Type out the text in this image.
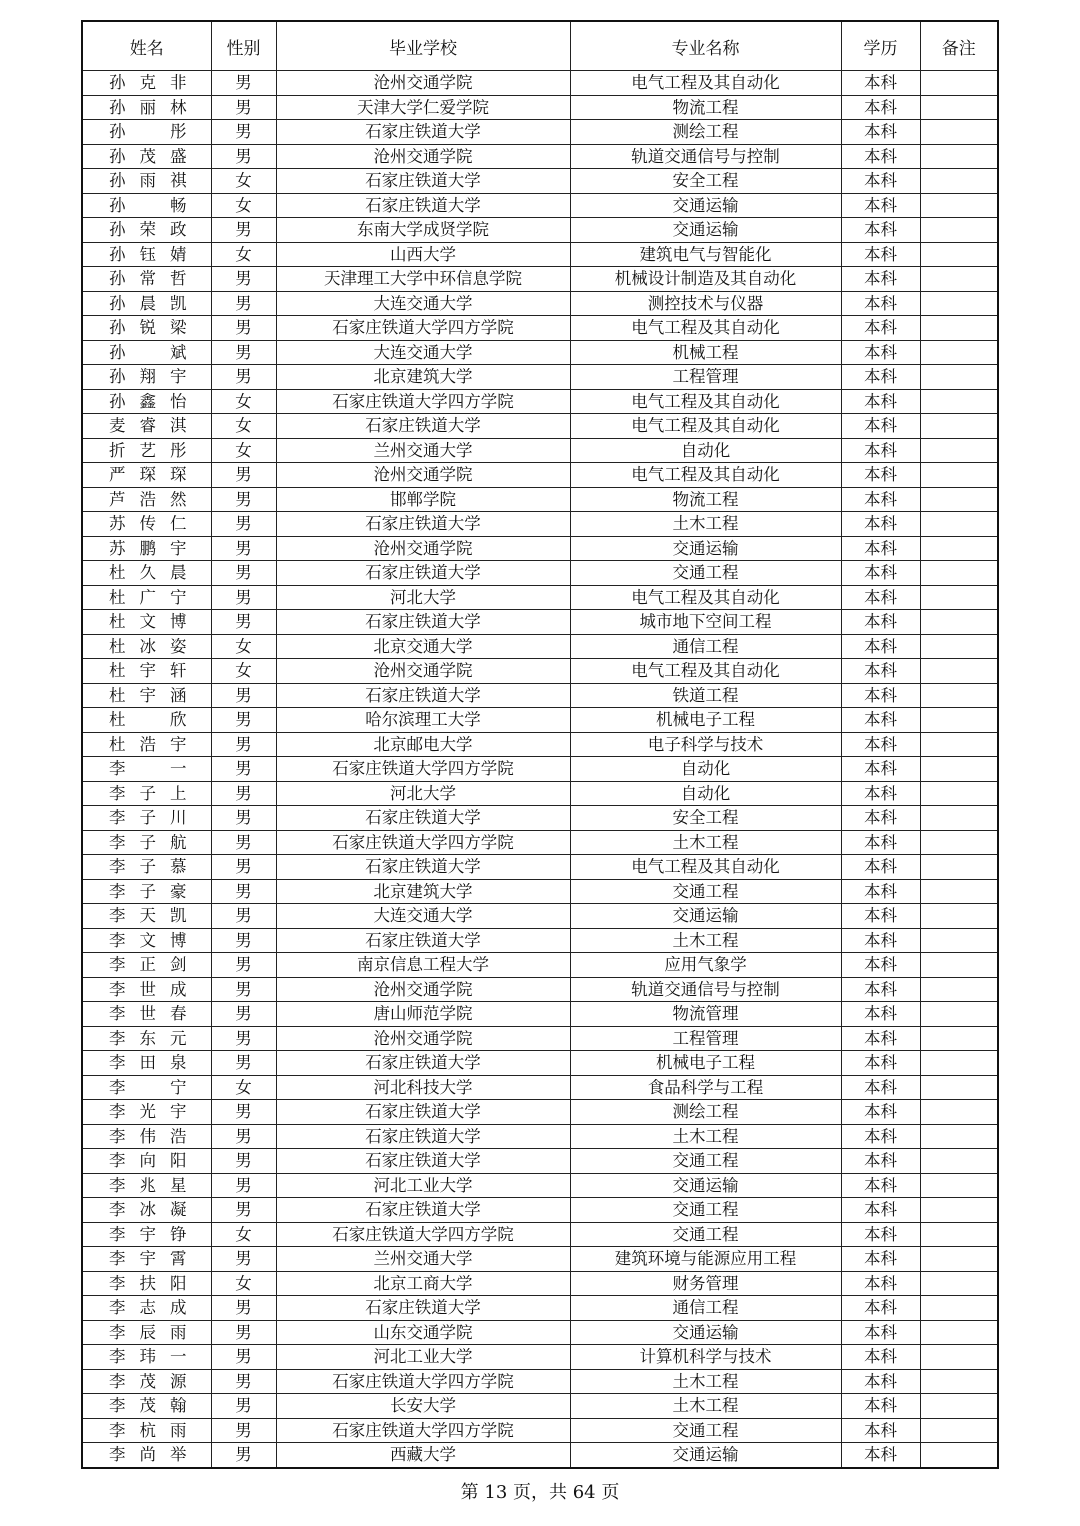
姓名	性别	毕业学校	专业名称	学历	备注

孙 克 非	男	沧州交通学院	电气工程及其自动化	本科	

孙 丽 林	男	天津大学仁爱学院	物流工程	本科	

孙 彤	男	石家庄铁道大学	测绘工程	本科	

孙 茂 盛	男	沧州交通学院	轨道交通信号与控制	本科	

孙 雨 祺	女	石家庄铁道大学	安全工程	本科	

孙 畅	女	石家庄铁道大学	交通运输	本科	

孙 荣 政	男	东南大学成贤学院	交通运输	本科	

孙 钰 婧	女	山西大学	建筑电气与智能化	本科	

孙 常 哲	男	天津理工大学中环信息学院	机械设计制造及其自动化	本科	

孙 晨 凯	男	大连交通大学	测控技术与仪器	本科	

孙 锐 梁	男	石家庄铁道大学四方学院	电气工程及其自动化	本科	

孙 斌	男	大连交通大学	机械工程	本科	

孙 翔 宇	男	北京建筑大学	工程管理	本科	

孙 鑫 怡	女	石家庄铁道大学四方学院	电气工程及其自动化	本科	

麦 睿 淇	女	石家庄铁道大学	电气工程及其自动化	本科	

折 艺 彤	女	兰州交通大学	自动化	本科	

严 琛 琛	男	沧州交通学院	电气工程及其自动化	本科	

芦 浩 然	男	邯郸学院	物流工程	本科	

苏 传 仁	男	石家庄铁道大学	土木工程	本科	

苏 鹏 宇	男	沧州交通学院	交通运输	本科	

杜 久 晨	男	石家庄铁道大学	交通工程	本科	

杜 广 宁	男	河北大学	电气工程及其自动化	本科	

杜 文 博	男	石家庄铁道大学	城市地下空间工程	本科	

杜 冰 姿	女	北京交通大学	通信工程	本科	

杜 宇 轩	女	沧州交通学院	电气工程及其自动化	本科	

杜 宇 涵	男	石家庄铁道大学	铁道工程	本科	

杜 欣	男	哈尔滨理工大学	机械电子工程	本科	

杜 浩 宇	男	北京邮电大学	电子科学与技术	本科	

李 一	男	石家庄铁道大学四方学院	自动化	本科	

李 子 上	男	河北大学	自动化	本科	

李 子 川	男	石家庄铁道大学	安全工程	本科	

李 子 航	男	石家庄铁道大学四方学院	土木工程	本科	

李 子 慕	男	石家庄铁道大学	电气工程及其自动化	本科	

李 子 豪	男	北京建筑大学	交通工程	本科	

李 天 凯	男	大连交通大学	交通运输	本科	

李 文 博	男	石家庄铁道大学	土木工程	本科	

李 正 剑	男	南京信息工程大学	应用气象学	本科	

李 世 成	男	沧州交通学院	轨道交通信号与控制	本科	

李 世 春	男	唐山师范学院	物流管理	本科	

李 东 元	男	沧州交通学院	工程管理	本科	

李 田 泉	男	石家庄铁道大学	机械电子工程	本科	

李 宁	女	河北科技大学	食品科学与工程	本科	

李 光 宇	男	石家庄铁道大学	测绘工程	本科	

李 伟 浩	男	石家庄铁道大学	土木工程	本科	

李 向 阳	男	石家庄铁道大学	交通工程	本科	

李 兆 星	男	河北工业大学	交通运输	本科	

李 冰 凝	男	石家庄铁道大学	交通工程	本科	

李 宇 铮	女	石家庄铁道大学四方学院	交通工程	本科	

李 宇 霄	男	兰州交通大学	建筑环境与能源应用工程	本科	

李 扶 阳	女	北京工商大学	财务管理	本科	

李 志 成	男	石家庄铁道大学	通信工程	本科	

李 辰 雨	男	山东交通学院	交通运输	本科	

李 玮 一	男	河北工业大学	计算机科学与技术	本科	

李 茂 源	男	石家庄铁道大学四方学院	土木工程	本科	

李 茂 翰	男	长安大学	土木工程	本科	

李 杭 雨	男	石家庄铁道大学四方学院	交通工程	本科	

李 尚 举	男	西藏大学	交通运输	本科	
第 13 页，共 64 页
